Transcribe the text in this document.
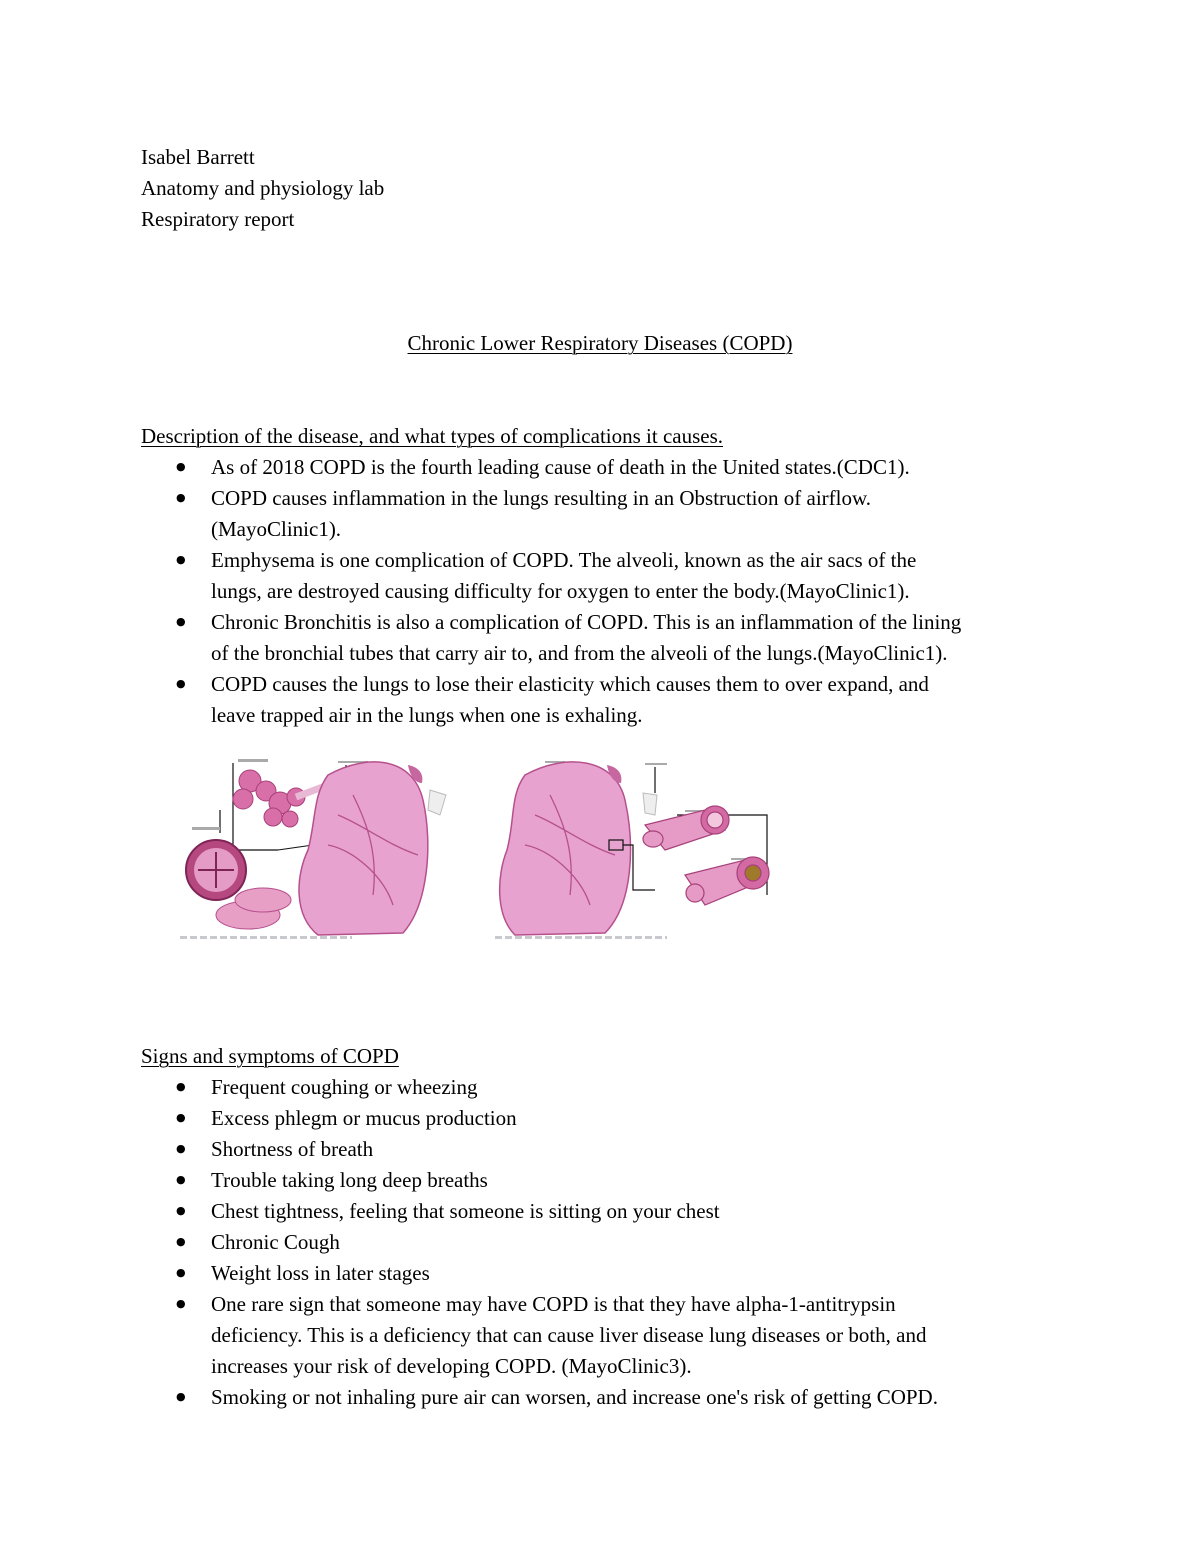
Isabel Barrett
Anatomy and physiology lab
Respiratory report
Chronic Lower Respiratory Diseases (COPD)
Description of the disease, and what types of complications it causes.
● As of 2018 COPD is the fourth leading cause of death in the United states.(CDC1).
● COPD causes inflammation in the lungs resulting in an Obstruction of airflow.
(MayoClinic1).
● Emphysema is one complication of COPD. The alveoli, known as the air sacs of the
lungs, are destroyed causing difficulty for oxygen to enter the body.(MayoClinic1).
● Chronic Bronchitis is also a complication of COPD. This is an inflammation of the lining
of the bronchial tubes that carry air to, and from the alveoli of the lungs.(MayoClinic1).
● COPD causes the lungs to lose their elasticity which causes them to over expand, and
leave trapped air in the lungs when one is exhaling.
Signs and symptoms of COPD
● Frequent coughing or wheezing
● Excess phlegm or mucus production
● Shortness of breath
● Trouble taking long deep breaths
● Chest tightness, feeling that someone is sitting on your chest
● Chronic Cough
● Weight loss in later stages
● One rare sign that someone may have COPD is that they have alpha-1-antitrypsin
deficiency. This is a deficiency that can cause liver disease lung diseases or both, and
increases your risk of developing COPD. (MayoClinic3).
● Smoking or not inhaling pure air can worsen, and increase one's risk of getting COPD.
